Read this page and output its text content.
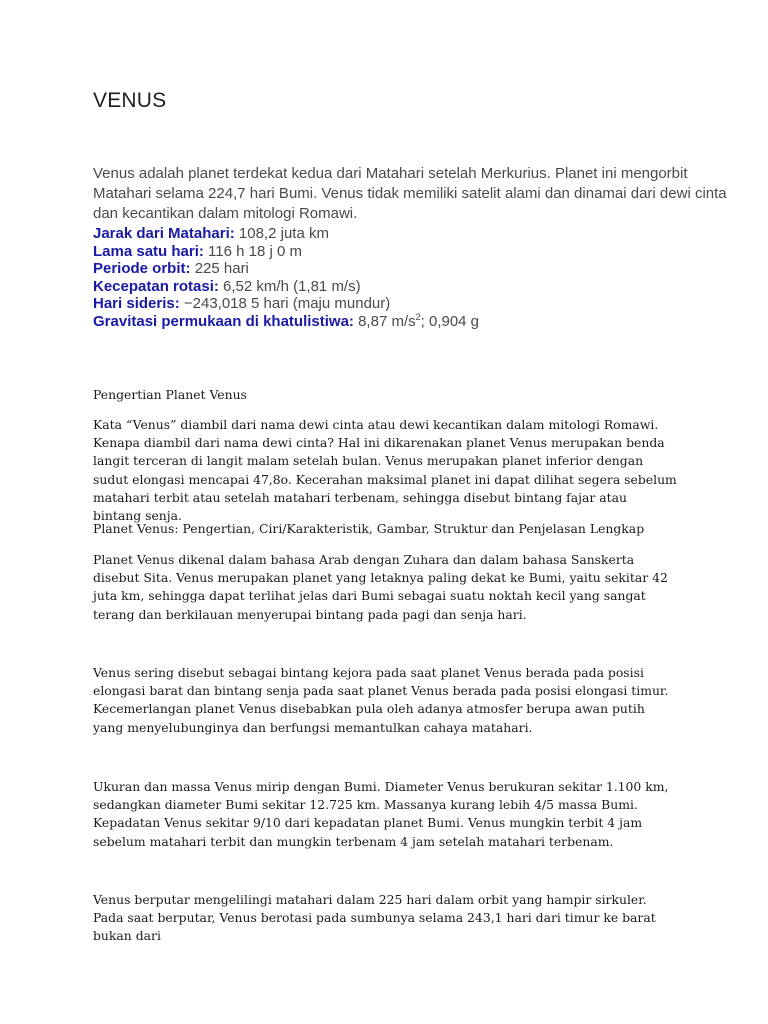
VENUS
Venus adalah planet terdekat kedua dari Matahari setelah Merkurius. Planet ini mengorbit Matahari selama 224,7 hari Bumi. Venus tidak memiliki satelit alami dan dinamai dari dewi cinta dan kecantikan dalam mitologi Romawi.
Jarak dari Matahari: 108,2 juta km
Lama satu hari: 116 h 18 j 0 m
Periode orbit: 225 hari
Kecepatan rotasi: 6,52 km/h (1,81 m/s)
Hari sideris: −243,018 5 hari (maju mundur)
Gravitasi permukaan di khatulistiwa: 8,87 $m/s^2$; 0,904 g
Pengertian Planet Venus
Kata “Venus” diambil dari nama dewi cinta atau dewi kecantikan dalam mitologi Romawi. Kenapa diambil dari nama dewi cinta? Hal ini dikarenakan planet Venus merupakan benda langit terceran di langit malam setelah bulan. Venus merupakan planet inferior dengan sudut elongasi mencapai 47,8o. Kecerahan maksimal planet ini dapat dilihat segera sebelum matahari terbit atau setelah matahari terbenam, sehingga disebut bintang fajar atau bintang senja.
Planet Venus: Pengertian, Ciri/Karakteristik, Gambar, Struktur dan Penjelasan Lengkap
Planet Venus dikenal dalam bahasa Arab dengan Zuhara dan dalam bahasa Sanskerta disebut Sita. Venus merupakan planet yang letaknya paling dekat ke Bumi, yaitu sekitar 42 juta km, sehingga dapat terlihat jelas dari Bumi sebagai suatu noktah kecil yang sangat terang dan berkilauan menyerupai bintang pada pagi dan senja hari.
Venus sering disebut sebagai bintang kejora pada saat planet Venus berada pada posisi elongasi barat dan bintang senja pada saat planet Venus berada pada posisi elongasi timur. Kecemerlangan planet Venus disebabkan pula oleh adanya atmosfer berupa awan putih yang menyelubunginya dan berfungsi memantulkan cahaya matahari.
Ukuran dan massa Venus mirip dengan Bumi. Diameter Venus berukuran sekitar 1.100 km, sedangkan diameter Bumi sekitar 12.725 km. Massanya kurang lebih 4/5 massa Bumi. Kepadatan Venus sekitar 9/10 dari kepadatan planet Bumi. Venus mungkin terbit 4 jam sebelum matahari terbit dan mungkin terbenam 4 jam setelah matahari terbenam.
Venus berputar mengelilingi matahari dalam 225 hari dalam orbit yang hampir sirkuler. Pada saat berputar, Venus berotasi pada sumbunya selama 243,1 hari dari timur ke barat bukan dari
